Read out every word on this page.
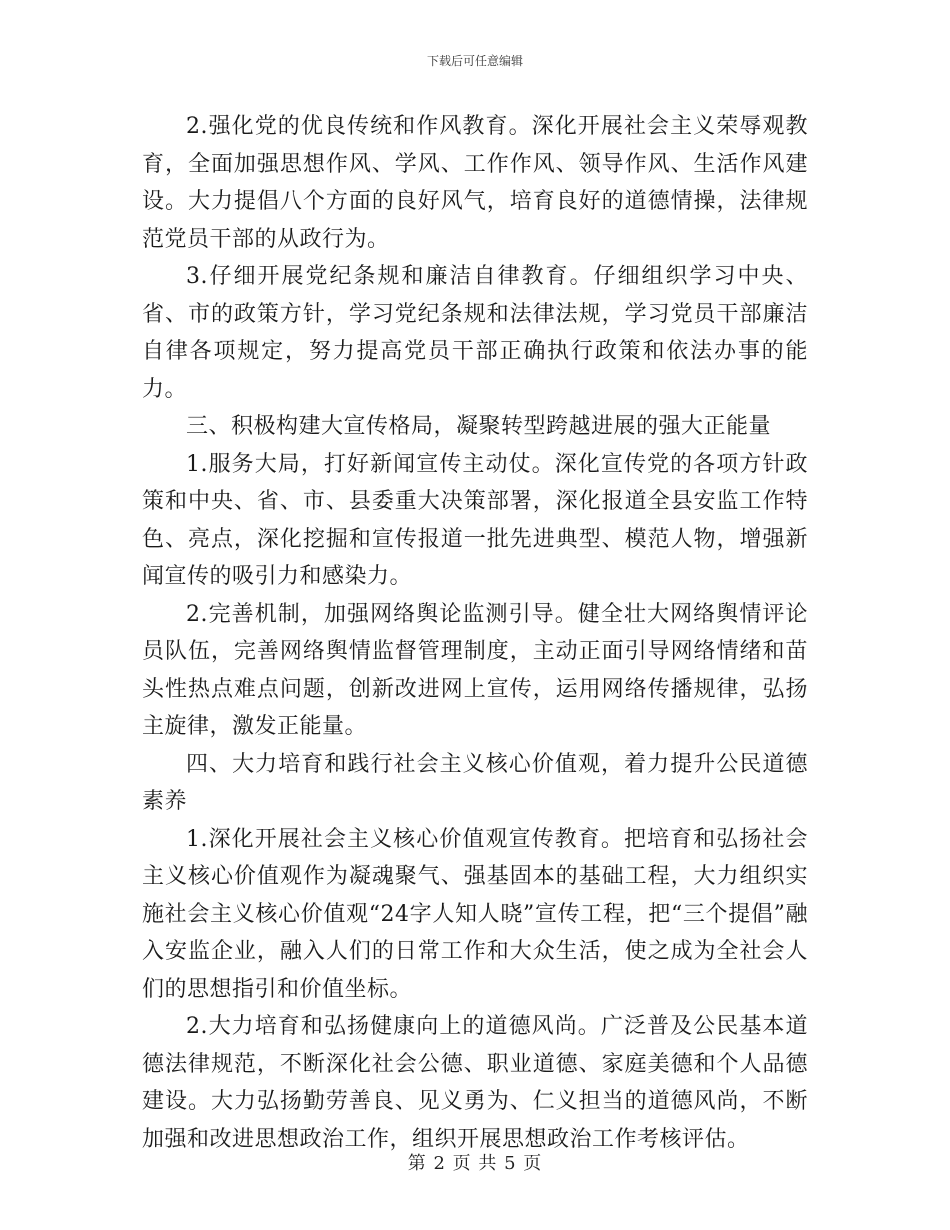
下载后可任意编辑

2.强化党的优良传统和作风教育。深化开展社会主义荣辱观教育，全面加强思想作风、学风、工作作风、领导作风、生活作风建设。大力提倡八个方面的良好风气，培育良好的道德情操，法律规范党员干部的从政行为。

3.仔细开展党纪条规和廉洁自律教育。仔细组织学习中央、省、市的政策方针，学习党纪条规和法律法规，学习党员干部廉洁自律各项规定，努力提高党员干部正确执行政策和依法办事的能力。

三、积极构建大宣传格局，凝聚转型跨越进展的强大正能量

1.服务大局，打好新闻宣传主动仗。深化宣传党的各项方针政策和中央、省、市、县委重大决策部署，深化报道全县安监工作特色、亮点，深化挖掘和宣传报道一批先进典型、模范人物，增强新闻宣传的吸引力和感染力。

2.完善机制，加强网络舆论监测引导。健全壮大网络舆情评论员队伍，完善网络舆情监督管理制度，主动正面引导网络情绪和苗头性热点难点问题，创新改进网上宣传，运用网络传播规律，弘扬主旋律，激发正能量。

四、大力培育和践行社会主义核心价值观，着力提升公民道德素养

1.深化开展社会主义核心价值观宣传教育。把培育和弘扬社会主义核心价值观作为凝魂聚气、强基固本的基础工程，大力组织实施社会主义核心价值观“24字人知人晓”宣传工程，把“三个提倡”融入安监企业，融入人们的日常工作和大众生活，使之成为全社会人们的思想指引和价值坐标。

2.大力培育和弘扬健康向上的道德风尚。广泛普及公民基本道德法律规范，不断深化社会公德、职业道德、家庭美德和个人品德建设。大力弘扬勤劳善良、见义勇为、仁义担当的道德风尚，不断加强和改进思想政治工作，组织开展思想政治工作考核评估。

第 2 页 共 5 页
